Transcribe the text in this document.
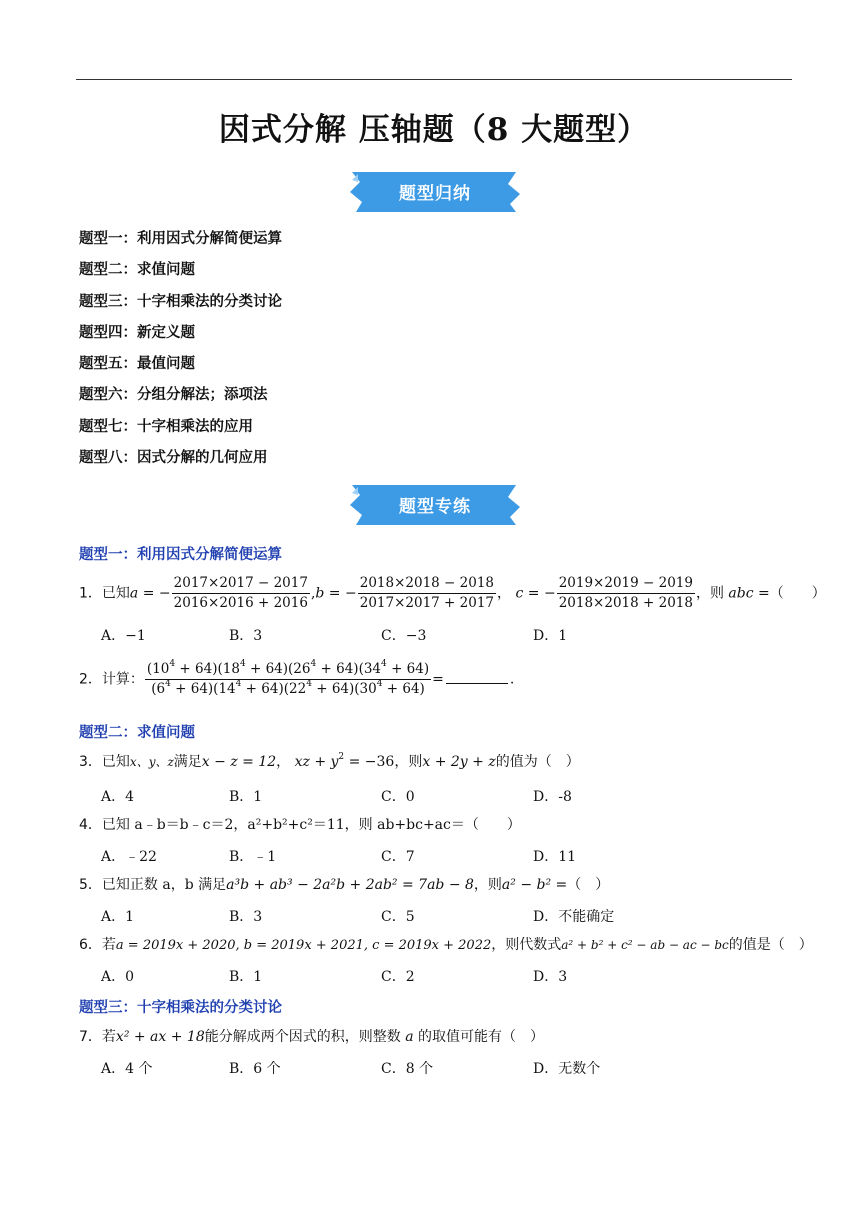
因式分解 压轴题（8 大题型）
题型归纳
题型一：利用因式分解简便运算
题型二：求值问题
题型三：十字相乘法的分类讨论
题型四：新定义题
题型五：最值问题
题型六：分组分解法；添项法
题型七：十字相乘法的应用
题型八：因式分解的几何应用
题型专练
题型一：利用因式分解简便运算
1．已知a = − $\frac{2017\times 2017 - 2017}{2016\times 2016 + 2016} ,b$ = − $\frac{2018\times 2018 - 2018}{2017\times 2017 + 2017}$ ， c = − $\frac{2019\times 2019 - 2019}{2018\times 2018 + 2018}$ ，则 abc =（　　）
A．−1	B．3	C．−3	D．1
2．计算： $\frac{(10^4 + 64)(18^4 + 64)(26^4 + 64)(34^4 + 64)}{(6^4 + 64)(14^4 + 64)(22^4 + 64)(30^4 + 64)}$ =	.
题型二：求值问题
3．已知x、y、z满足x − z = 12， xz + $y^2 = -36$，则x + 2y + z的值为（　）
A．4	B．1	C．0	D．-8
4．已知 a﹣b＝b﹣c＝2，a²+b²+c²＝11，则 ab+bc+ac＝（　　）
A．﹣22	B．﹣1	C．7	D．11
5．已知正数 a，b 满足a³b + ab³ − 2a²b + 2ab² = 7ab − 8，则a² − b² =（　）
A．1	B．3	C．5	D．不能确定
6．若a = 2019x + 2020, b = 2019x + 2021, c = 2019x + 2022，则代数式a² + b² + c² − ab − ac − bc的值是（　）
A．0	B．1	C．2	D．3
题型三：十字相乘法的分类讨论
7．若x² + ax + 18能分解成两个因式的积，则整数 a 的取值可能有（　）
A．4 个	B．6 个	C．8 个	D．无数个
